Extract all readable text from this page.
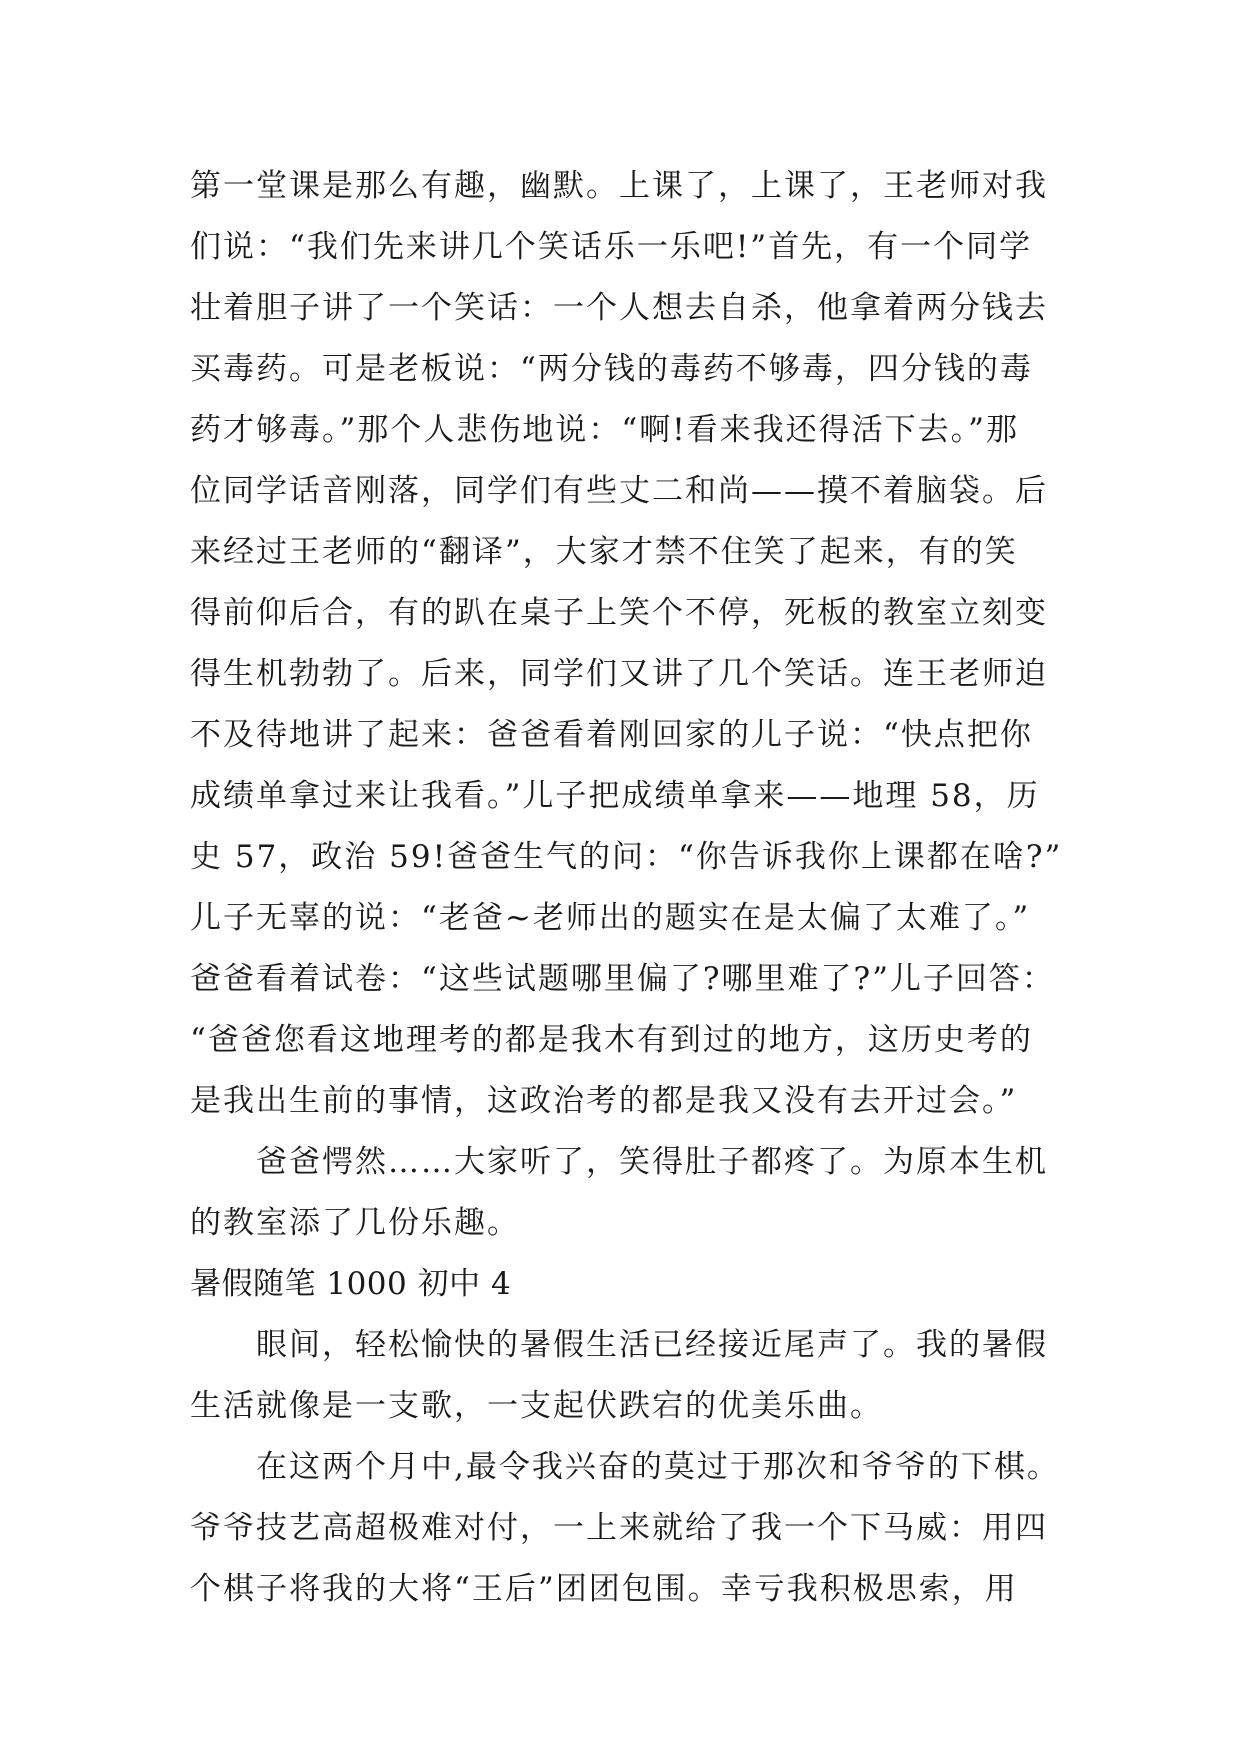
第一堂课是那么有趣，幽默。上课了，上课了，王老师对我
们说：“我们先来讲几个笑话乐一乐吧!”首先，有一个同学
壮着胆子讲了一个笑话：一个人想去自杀，他拿着两分钱去
买毒药。可是老板说：“两分钱的毒药不够毒，四分钱的毒
药才够毒。”那个人悲伤地说：“啊!看来我还得活下去。”那
位同学话音刚落，同学们有些丈二和尚——摸不着脑袋。后
来经过王老师的“翻译”，大家才禁不住笑了起来，有的笑
得前仰后合，有的趴在桌子上笑个不停，死板的教室立刻变
得生机勃勃了。后来，同学们又讲了几个笑话。连王老师迫
不及待地讲了起来：爸爸看着刚回家的儿子说：“快点把你
成绩单拿过来让我看。”儿子把成绩单拿来——地理 58，历
史 57，政治 59!爸爸生气的问：“你告诉我你上课都在啥?”
儿子无辜的说：“老爸~老师出的题实在是太偏了太难了。”
爸爸看着试卷：“这些试题哪里偏了?哪里难了?”儿子回答：
“爸爸您看这地理考的都是我木有到过的地方，这历史考的
是我出生前的事情，这政治考的都是我又没有去开过会。”
爸爸愕然……大家听了，笑得肚子都疼了。为原本生机
的教室添了几份乐趣。
暑假随笔 1000 初中 4
眼间，轻松愉快的暑假生活已经接近尾声了。我的暑假
生活就像是一支歌，一支起伏跌宕的优美乐曲。
在这两个月中,最令我兴奋的莫过于那次和爷爷的下棋。
爷爷技艺高超极难对付，一上来就给了我一个下马威：用四
个棋子将我的大将“王后”团团包围。幸亏我积极思索，用
